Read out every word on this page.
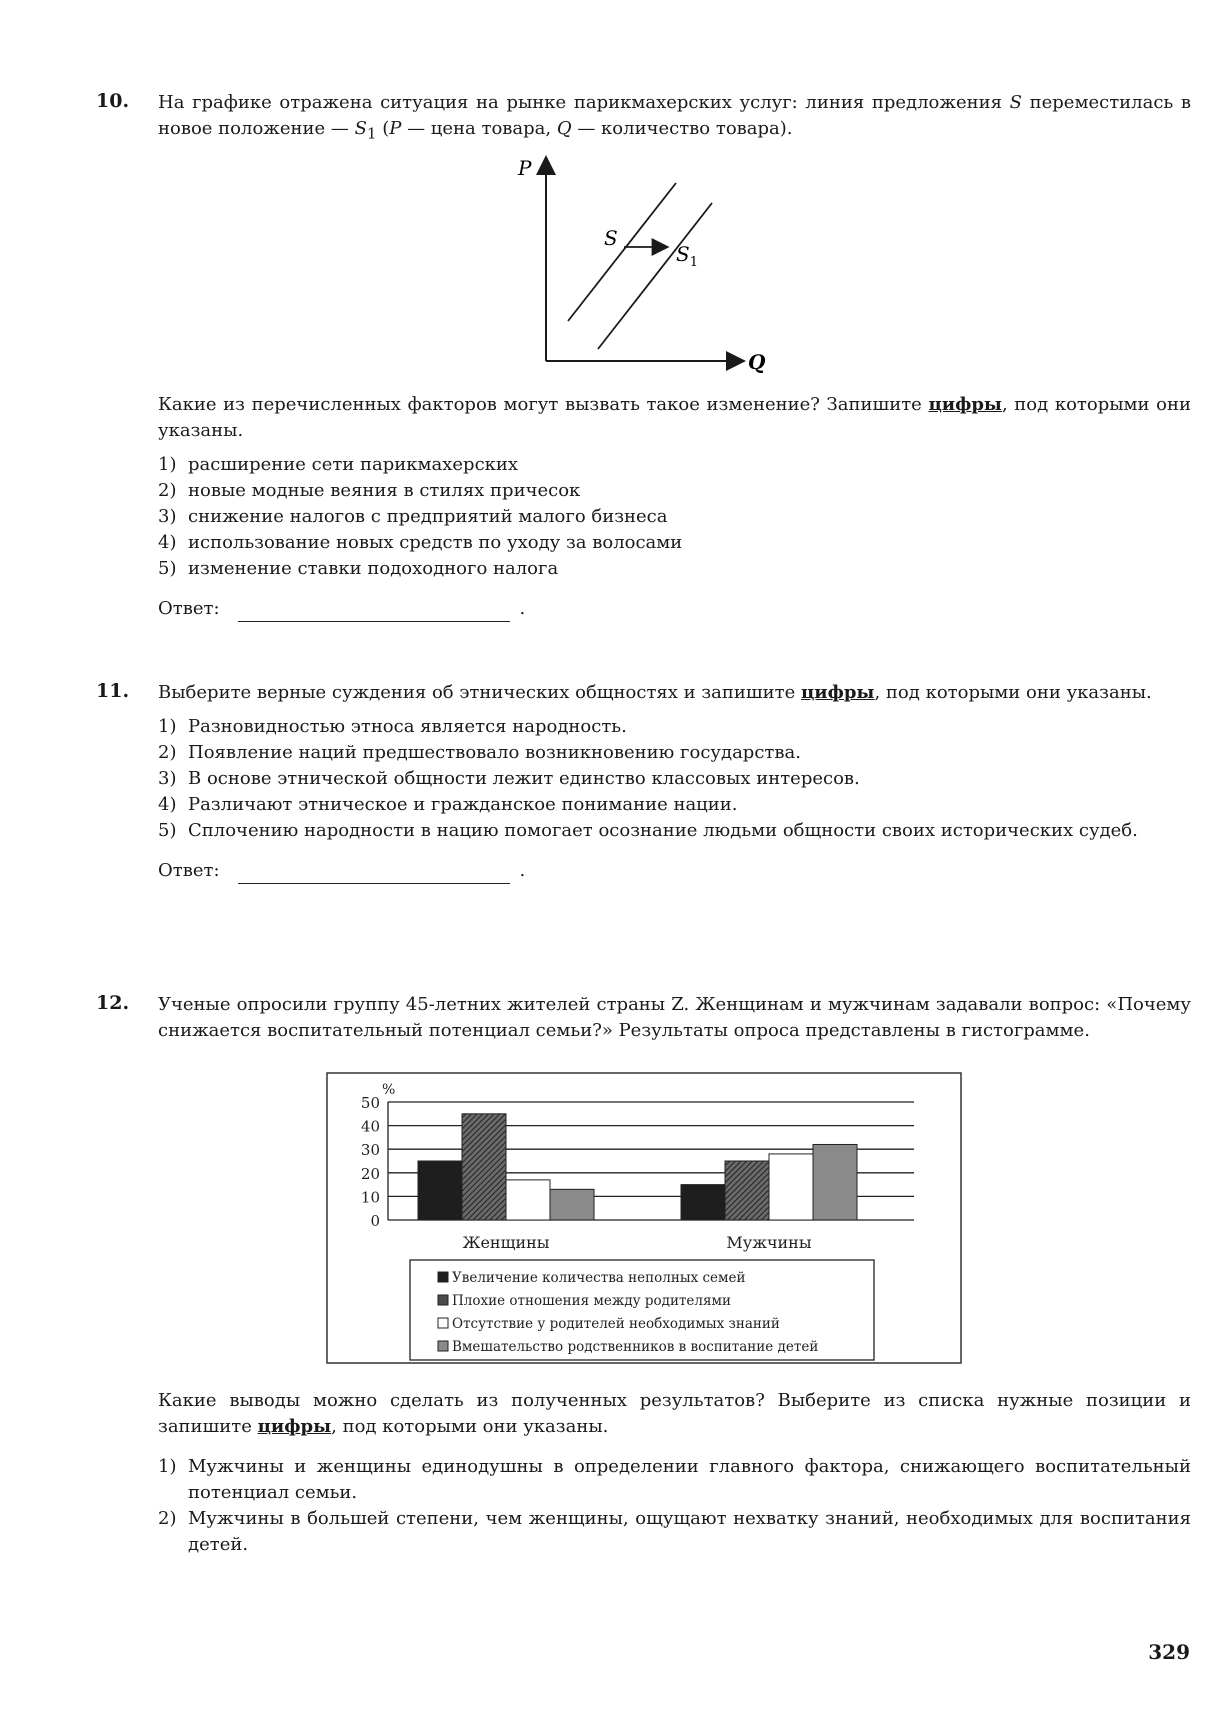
10. На графике отражена ситуация на рынке парикмахерских услуг: линия предложения S переместилась в новое положение — $S_1$ (P — цена товара, Q — количество товара).

P
Q
S
$S_1$

Какие из перечисленных факторов могут вызвать такое изменение? Запишите цифры, под которыми они указаны.

1) расширение сети парикмахерских
2) новые модные веяния в стилях причесок
3) снижение налогов с предприятий малого бизнеса
4) использование новых средств по уходу за волосами
5) изменение ставки подоходного налога
Ответ:	.
11. Выберите верные суждения об этнических общностях и запишите цифры, под которыми они указаны.

1) Разновидностью этноса является народность.
2) Появление наций предшествовало возникновению государства.
3) В основе этнической общности лежит единство классовых интересов.
4) Различают этническое и гражданское понимание нации.
5) Сплочению народности в нацию помогает осознание людьми общности своих исторических судеб.
Ответ:	.
12. Ученые опросили группу 45-летних жителей страны Z. Женщинам и мужчинам задавали вопрос: «Почему снижается воспитательный потенциал семьи?» Результаты опроса представлены в гистограмме.

0
10
20
30
40
50
%
Женщины	Мужчины
Увеличение количества неполных семей
Плохие отношения между родителями
Отсутствие у родителей необходимых знаний
Вмешательство родственников в воспитание детей

Какие выводы можно сделать из полученных результатов? Выберите из списка нужные позиции и запишите цифры, под которыми они указаны.

1) Мужчины и женщины единодушны в определении главного фактора, снижающего воспитательный потенциал семьи.
2) Мужчины в большей степени, чем женщины, ощущают нехватку знаний, необходимых для воспитания детей.
329
